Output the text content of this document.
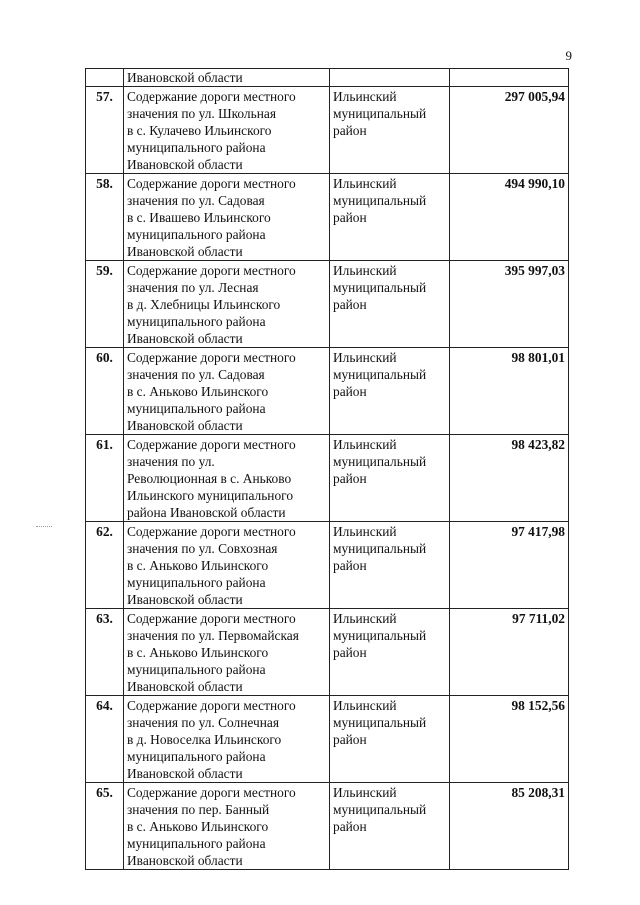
9
	Ивановской области		
57.	Содержание дороги местного
значения по ул. Школьная
в с. Кулачево Ильинского
муниципального района
Ивановской области	Ильинский
муниципальный
район	297 005,94
58.	Содержание дороги местного
значения по ул. Садовая
в с. Ивашево Ильинского
муниципального района
Ивановской области	Ильинский
муниципальный
район	494 990,10
59.	Содержание дороги местного
значения по ул. Лесная
в д. Хлебницы Ильинского
муниципального района
Ивановской области	Ильинский
муниципальный
район	395 997,03
60.	Содержание дороги местного
значения по ул. Садовая
в с. Аньково Ильинского
муниципального района
Ивановской области	Ильинский
муниципальный
район	98 801,01
61.	Содержание дороги местного
значения по ул.
Революционная в с. Аньково
Ильинского муниципального
района Ивановской области	Ильинский
муниципальный
район	98 423,82
62.	Содержание дороги местного
значения по ул. Совхозная
в с. Аньково Ильинского
муниципального района
Ивановской области	Ильинский
муниципальный
район	97 417,98
63.	Содержание дороги местного
значения по ул. Первомайская
в с. Аньково Ильинского
муниципального района
Ивановской области	Ильинский
муниципальный
район	97 711,02
64.	Содержание дороги местного
значения по ул. Солнечная
в д. Новоселка Ильинского
муниципального района
Ивановской области	Ильинский
муниципальный
район	98 152,56
65.	Содержание дороги местного
значения по пер. Банный
в с. Аньково Ильинского
муниципального района
Ивановской области	Ильинский
муниципальный
район	85 208,31
